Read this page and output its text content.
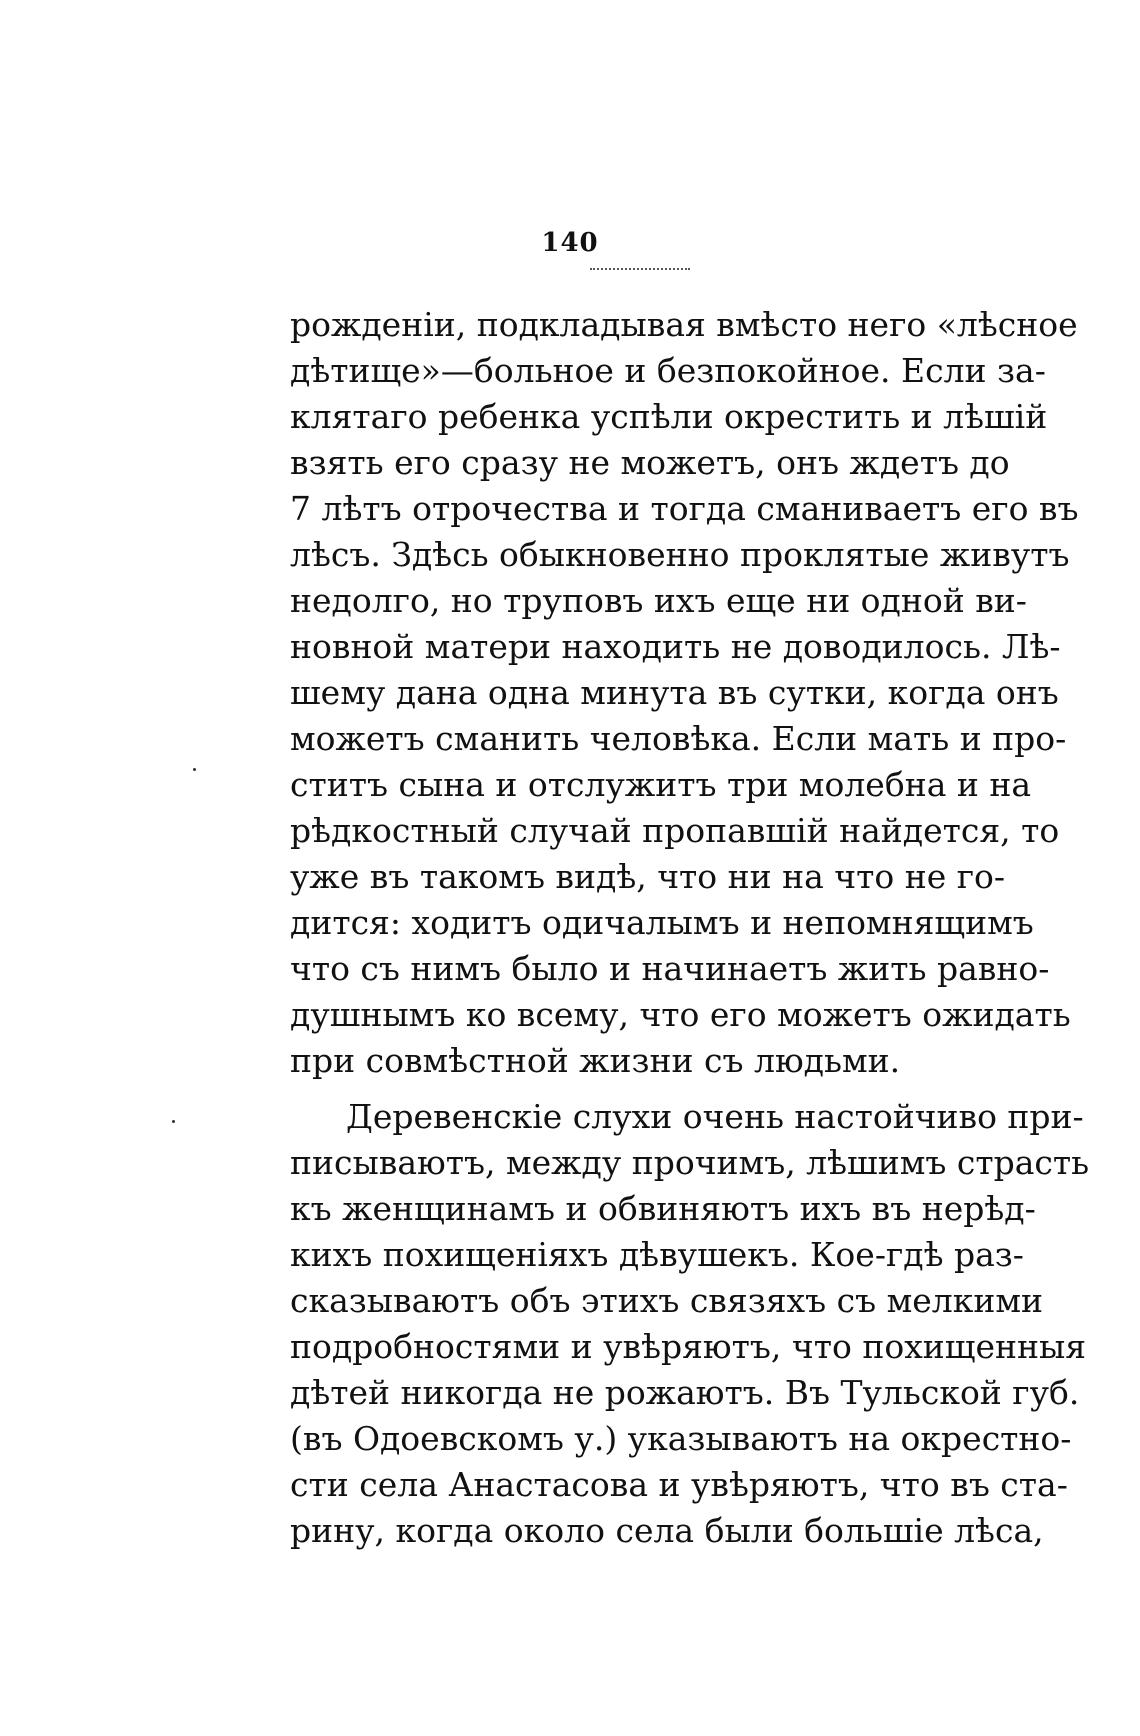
140
рожденіи, подкладывая вмѣсто него «лѣсное
дѣтище»—больное и безпокойное. Если за-
клятаго ребенка успѣли окрестить и лѣшій
взять его сразу не можетъ, онъ ждетъ до
7 лѣтъ отрочества и тогда сманиваетъ его въ
лѣсъ. Здѣсь обыкновенно проклятые живутъ
недолго, но труповъ ихъ еще ни одной ви-
новной матери находить не доводилось. Лѣ-
шему дана одна минута въ сутки, когда онъ
можетъ сманить человѣка. Если мать и про-
ститъ сына и отслужитъ три молебна и на
рѣдкостный случай пропавшій найдется, то
уже въ такомъ видѣ, что ни на что не го-
дится: ходитъ одичалымъ и непомнящимъ
что съ нимъ было и начинаетъ жить равно-
душнымъ ко всему, что его можетъ ожидать
при совмѣстной жизни съ людьми.
Деревенскіе слухи очень настойчиво при-
писываютъ, между прочимъ, лѣшимъ страсть
къ женщинамъ и обвиняютъ ихъ въ нерѣд-
кихъ похищеніяхъ дѣвушекъ. Кое-гдѣ раз-
сказываютъ объ этихъ связяхъ съ мелкими
подробностями и увѣряютъ, что похищенныя
дѣтей никогда не рожаютъ. Въ Тульской губ.
(въ Одоевскомъ у.) указываютъ на окрестно-
сти села Анастасова и увѣряютъ, что въ ста-
рину, когда около села были большіе лѣса,
